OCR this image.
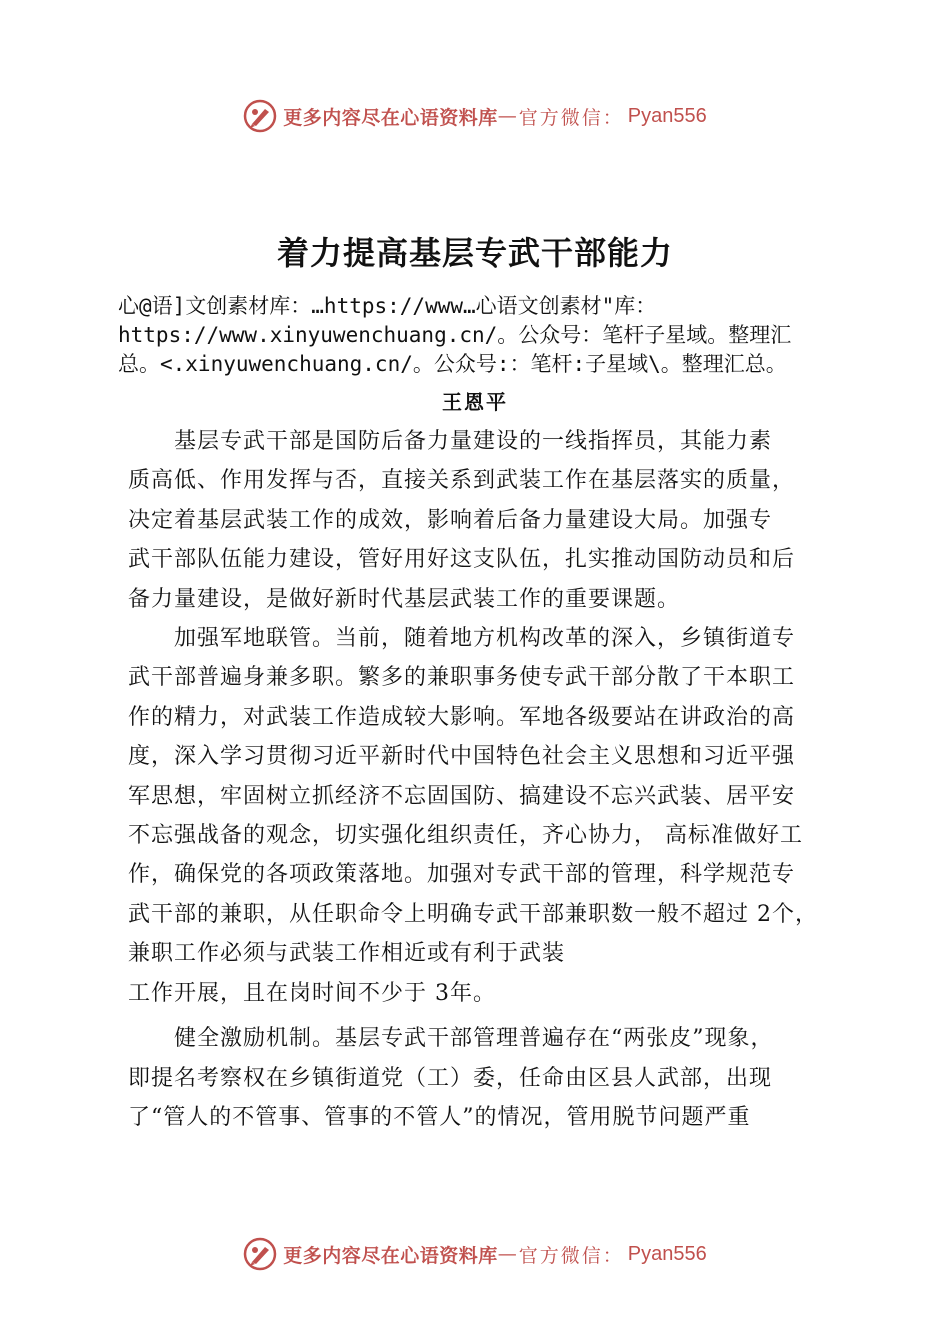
更多内容尽在心语资料库 — 官方微信： Pyan556
着力提高基层专武干部能力
心@语]文创素材库：…https://www…心语文创素材"库：
https://www.xinyuwenchuang.cn/。公众号：笔杆子星域。整理汇
总。<.xinyuwenchuang.cn/。公众号:：笔杆:子星域\。整理汇总。
王恩平

　　基层专武干部是国防后备力量建设的一线指挥员，其能力素
质高低、作用发挥与否，直接关系到武装工作在基层落实的质量，
决定着基层武装工作的成效，影响着后备力量建设大局。加强专
武干部队伍能力建设，管好用好这支队伍，扎实推动国防动员和后
备力量建设，是做好新时代基层武装工作的重要课题。

　　加强军地联管。当前，随着地方机构改革的深入，乡镇街道专
武干部普遍身兼多职。繁多的兼职事务使专武干部分散了干本职工
作的精力，对武装工作造成较大影响。军地各级要站在讲政治的高
度，深入学习贯彻习近平新时代中国特色社会主义思想和习近平强
军思想，牢固树立抓经济不忘固国防、搞建设不忘兴武装、居平安
不忘强战备的观念，切实强化组织责任，齐心协力， 高标准做好工
作，确保党的各项政策落地。加强对专武干部的管理，科学规范专
武干部的兼职，从任职命令上明确专武干部兼职数一般不超过 2个，
兼职工作必须与武装工作相近或有利于武装
工作开展，且在岗时间不少于 3年。

　　健全激励机制。基层专武干部管理普遍存在“两张皮”现象，
即提名考察权在乡镇街道党（工）委，任命由区县人武部，出现
了“管人的不管事、管事的不管人”的情况，管用脱节问题严重

更多内容尽在心语资料库 — 官方微信： Pyan556
